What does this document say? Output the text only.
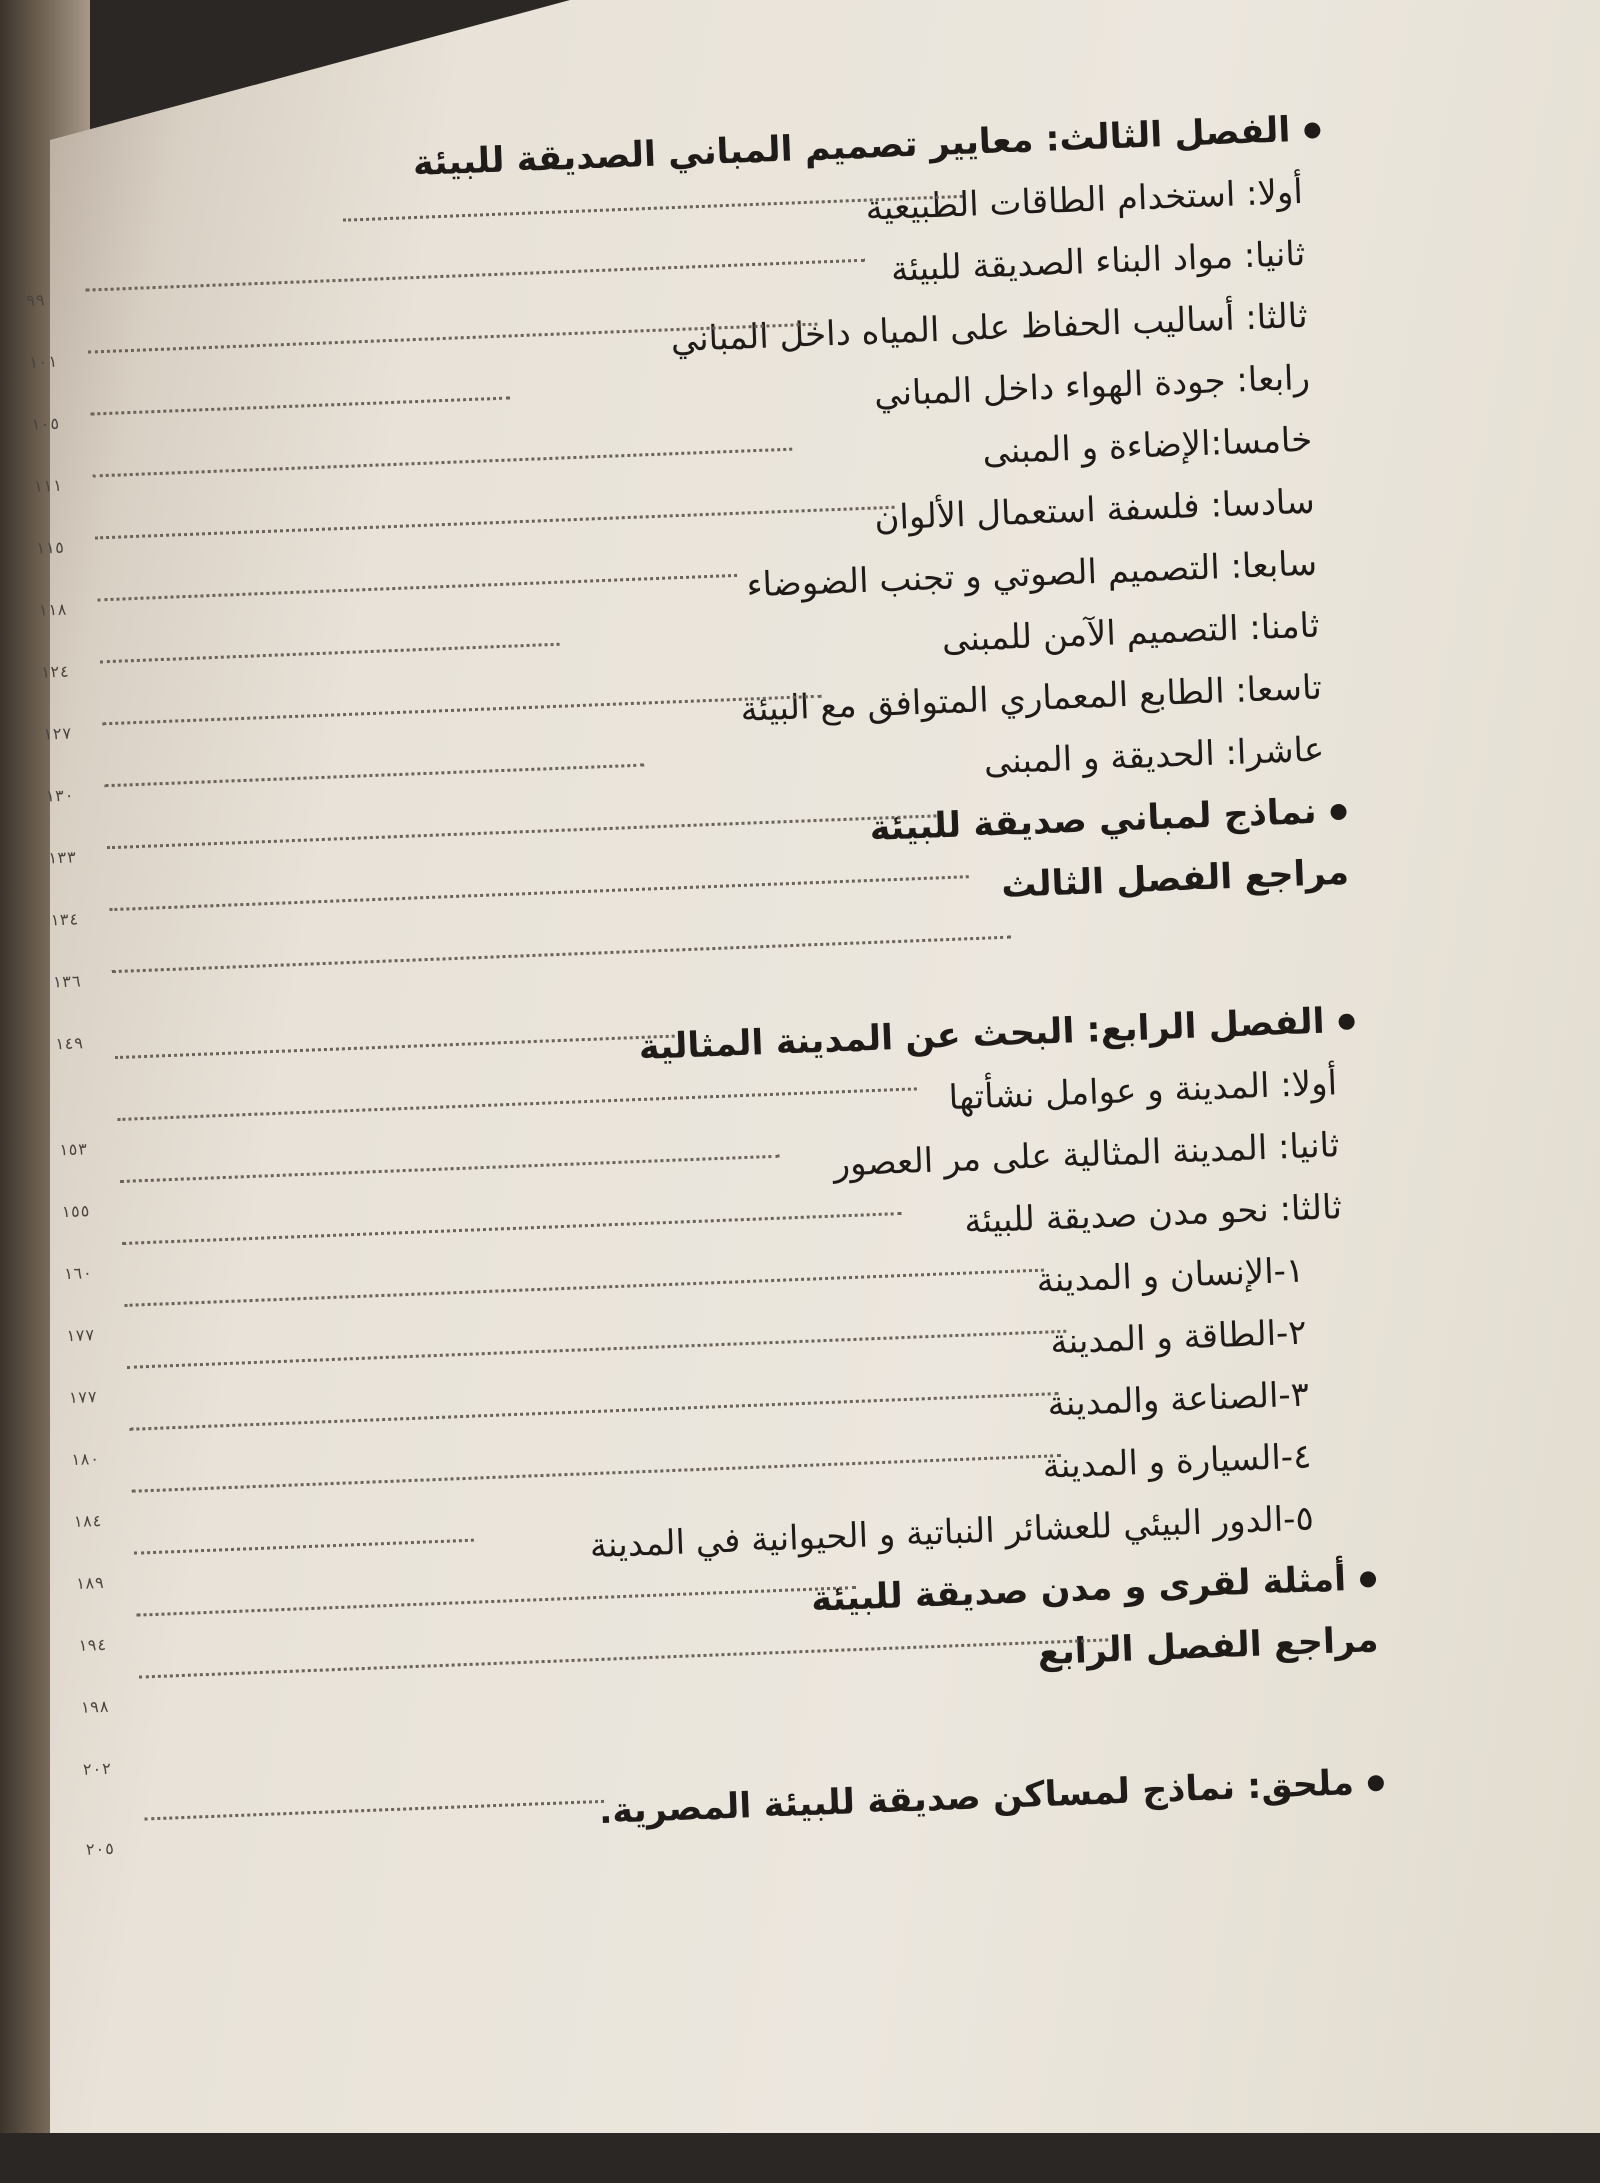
الفصل الثالث: معايير تصميم المباني الصديقة للبيئة
أولا: استخدام الطاقات الطبيعية
ثانيا: مواد البناء الصديقة للبيئة
ثالثا: أساليب الحفاظ على المياه داخل المباني
رابعا: جودة الهواء داخل المباني
خامسا:الإضاءة و المبنى
سادسا: فلسفة استعمال الألوان
سابعا: التصميم الصوتي و تجنب الضوضاء
ثامنا: التصميم الآمن للمبنى
تاسعا: الطابع المعماري المتوافق مع البيئة
عاشرا: الحديقة و المبنى
نماذج لمباني صديقة للبيئة
مراجع الفصل الثالث
الفصل الرابع: البحث عن المدينة المثالية
أولا: المدينة و عوامل نشأتها
ثانيا: المدينة المثالية على مر العصور
ثالثا: نحو مدن صديقة للبيئة
١-الإنسان و المدينة
٢-الطاقة و المدينة
٣-الصناعة والمدينة
٤-السيارة و المدينة
٥-الدور البيئي للعشائر النباتية و الحيوانية في المدينة
أمثلة لقرى و مدن صديقة للبيئة
مراجع الفصل الرابع
ملحق: نماذج لمساكن صديقة للبيئة المصرية.
٩٩
١٠١
١٠٥
١١١
١١٥
١١٨
١٢٤
١٢٧
١٣٠
١٣٣
١٣٤
١٣٦
١٤٩
١٥٣
١٥٥
١٦٠
١٧٧
١٧٧
١٨٠
١٨٤
١٨٩
١٩٤
١٩٨
٢٠٢
٢٠٥
